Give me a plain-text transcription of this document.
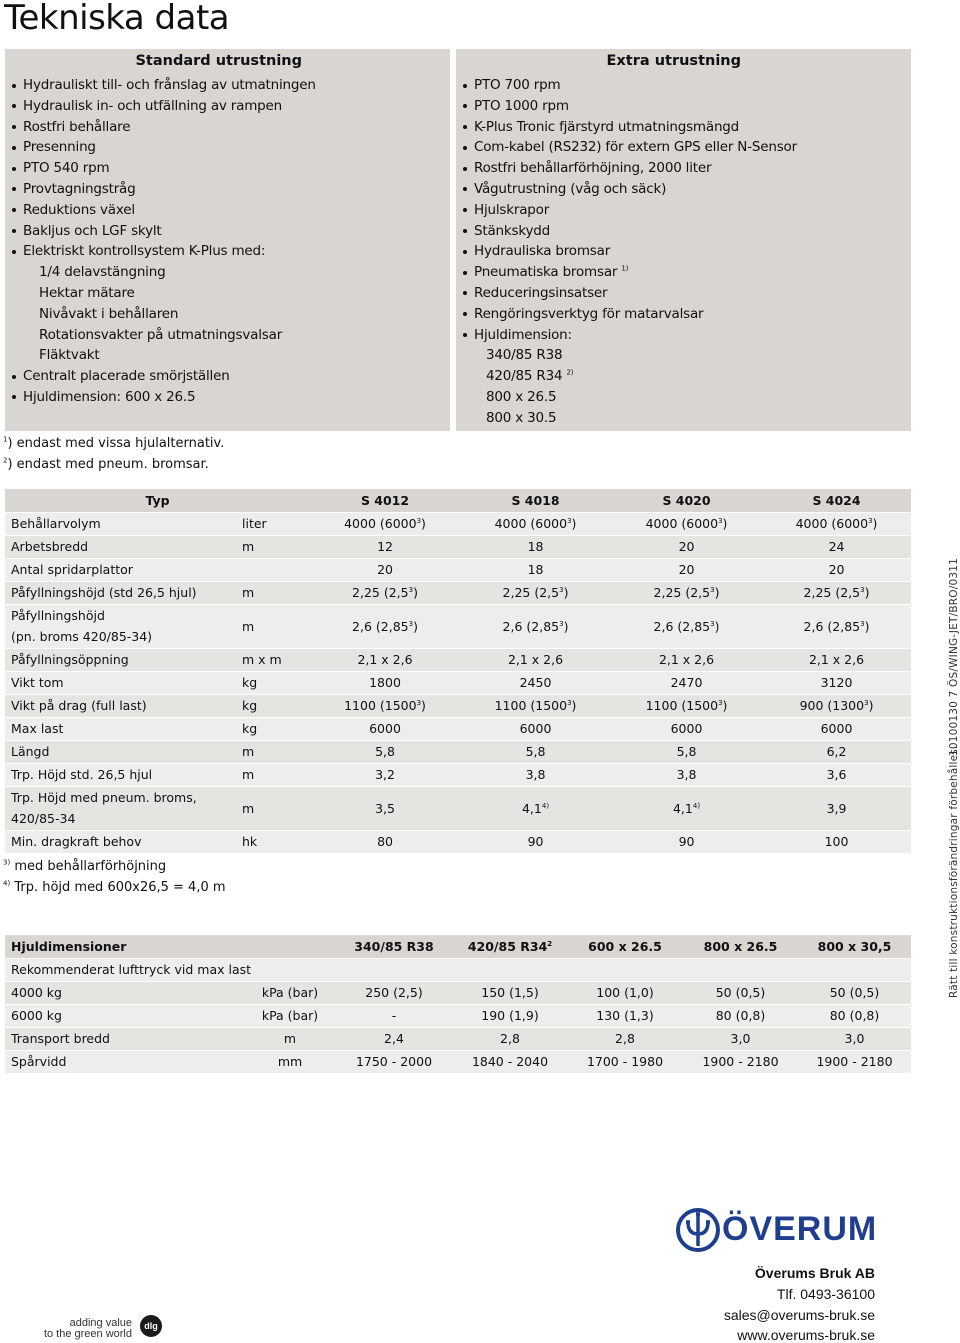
Tekniska data
Standard utrustning
Hydrauliskt till- och frånslag av utmatningen
Hydraulisk in- och utfällning av rampen
Rostfri behållare
Presenning
PTO 540 rpm
Provtagningstråg
Reduktions växel
Bakljus och LGF skylt
Elektriskt kontrollsystem K-Plus med:
1/4 delavstängning
Hektar mätare
Nivåvakt i behållaren
Rotationsvakter på utmatningsvalsar
Fläktvakt
Centralt placerade smörjställen
Hjuldimension: 600 x 26.5
Extra utrustning
PTO 700 rpm
PTO 1000 rpm
K-Plus Tronic fjärstyrd utmatningsmängd
Com-kabel (RS232) för extern GPS eller N-Sensor
Rostfri behållarförhöjning, 2000 liter
Vågutrustning (våg och säck)
Hjulskrapor
Stänkskydd
Hydrauliska bromsar
Pneumatiska bromsar $^{1)}$
Reduceringsinsatser
Rengöringsverktyg för matarvalsar
Hjuldimension:
340/85 R38
420/85 R34 $^{2)}$
800 x 26.5
800 x 30.5
$^1$) endast med vissa hjulalternativ.
$^2$) endast med pneum. bromsar.
Typ		S 4012	S 4018	S 4020	S 4024
Behållarvolym	liter	4000 (6000$^3$)	4000 (6000$^3$)	4000 (6000$^3$)	4000 (6000$^3$)
Arbetsbredd	m	12	18	20	24
Antal spridarplattor		20	18	20	20
Påfyllningshöjd (std 26,5 hjul)	m	2,25 $(2,5^3)$	2,25 $(2,5^3)$	2,25 $(2,5^3)$	2,25 $(2,5^3)$

Påfyllningshöjd
(pn. broms 420/85-34)	m	2,6 (2,85$^3$)	2,6 (2,85$^3$)	2,6 (2,85$^3$)	2,6 (2,85$^3$)
Påfyllningsöppning	m x m	2,1 x 2,6	2,1 x 2,6	2,1 x 2,6	2,1 x 2,6
Vikt tom	kg	1800	2450	2470	3120
Vikt på drag (full last)	kg	1100 (1500$^3$)	1100 (1500$^3$)	1100 (1500$^3$)	900 (1300$^3$)
Max last	kg	6000	6000	6000	6000
Längd	m	5,8	5,8	5,8	6,2
Trp. Höjd std. 26,5 hjul	m	3,2	3,8	3,8	3,6

Trp. Höjd med pneum. broms,
420/85-34	m	3,5	4,1$^{4)}$	4,1$^{4)}$	3,9
Min. dragkraft behov	hk	80	90	90	100
$^{3)}$ med behållarförhöjning
$^{4)}$ Trp. höjd med 600x26,5 = 4,0 m
Hjuldimensioner		340/85 R38	420/85 $R34^2$	600 x 26.5	800 x 26.5	800 x 30,5
Rekommenderat lufttryck vid max last						
4000 kg	kPa (bar)	250 (2,5)	150 (1,5)	100 (1,0)	50 (0,5)	50 (0,5)
6000 kg	kPa (bar)	-	190 (1,9)	130 (1,3)	80 (0,8)	80 (0,8)
Transport bredd	m	2,4	2,8	2,8	3,0	3,0
Spårvidd	mm	1750 - 2000	1840 - 2040	1700 - 1980	1900 - 2180	1900 - 2180
Rätt till konstruktionsförändringar förbehålles.
10100130 7 ÖS/WING-JET/BRO/0311
ÖVERUM
Överums Bruk AB
Tlf. 0493-36100
sales@overums-bruk.se
www.overums-bruk.se
adding value
to the green world
dlg
